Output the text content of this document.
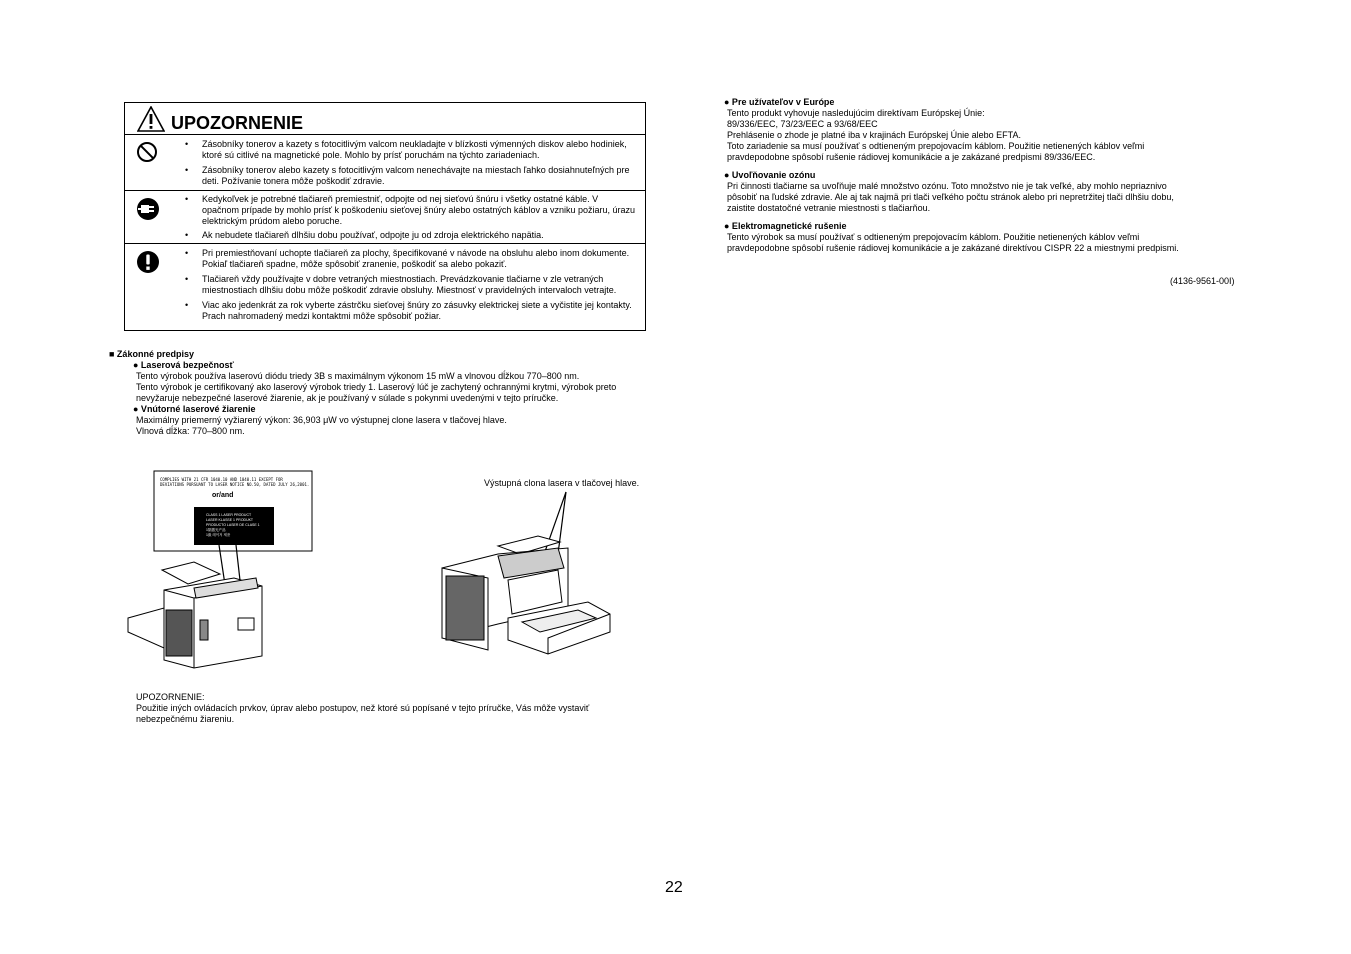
UPOZORNENIE
• Zásobníky tonerov a kazety s fotocitlivým valcom neukladajte v blízkosti výmenných diskov alebo hodiniek, ktoré sú citlivé na magnetické pole. Mohlo by prísť poruchám na týchto zariadeniach.
• Zásobníky tonerov alebo kazety s fotocitlivým valcom nenechávajte na miestach ľahko dosiahnuteľných pre deti. Požívanie tonera môže poškodiť zdravie.
• Kedykoľvek je potrebné tlačiareň premiestniť, odpojte od nej sieťovú šnúru i všetky ostatné káble. V opačnom prípade by mohlo prísť k poškodeniu sieťovej šnúry alebo ostatných káblov a vzniku požiaru, úrazu elektrickým prúdom alebo poruche.
• Ak nebudete tlačiareň dlhšiu dobu používať, odpojte ju od zdroja elektrického napätia.
• Pri premiestňovaní uchopte tlačiareň za plochy, špecifikované v návode na obsluhu alebo inom dokumente. Pokiaľ tlačiareň spadne, môže spôsobiť zranenie, poškodiť sa alebo pokaziť.
• Tlačiareň vždy používajte v dobre vetraných miestnostiach. Prevádzkovanie tlačiarne v zle vetraných miestnostiach dlhšiu dobu môže poškodiť zdravie obsluhy. Miestnosť v pravidelných intervaloch vetrajte.
• Viac ako jedenkrát za rok vyberte zástrčku sieťovej šnúry zo zásuvky elektrickej siete a vyčistite jej kontakty. Prach nahromadený medzi kontaktmi môže spôsobiť požiar.
■ Zákonné predpisy
● Laserová bezpečnosť

Tento výrobok používa laserovú diódu triedy 3B s maximálnym výkonom 15 mW a vlnovou dĺžkou 770–800 nm.

Tento výrobok je certifikovaný ako laserový výrobok triedy 1. Laserový lúč je zachytený ochrannými krytmi, výrobok preto

nevyžaruje nebezpečné laserové žiarenie, ak je používaný v súlade s pokynmi uvedenými v tejto príručke.

● Vnútorné laserové žiarenie

Maximálny priemerný vyžiarený výkon: 36,903 μW vo výstupnej clone lasera v tlačovej hlave.

Vlnová dĺžka: 770–800 nm.

COMPLIES WITH 21 CFR 1040.10 AND 1040.11 EXCEPT FOR

DEVIATIONS PURSUANT TO LASER NOTICE NO.50, DATED JULY 26,2001.

or/and

CLASS 1 LASER PRODUCT

LASER KLASSE 1 PRODUKT

PRODUCTO LASER DE CLASE 1

1類激光产品

1級 레이저 제품

Výstupná clona lasera v tlačovej hlave.
UPOZORNENIE:

Použitie iných ovládacích prvkov, úprav alebo postupov, než ktoré sú popísané v tejto príručke, Vás môže vystaviť

nebezpečnému žiareniu.

● Pre užívateľov v Európe

Tento produkt vyhovuje nasledujúcim direktívam Európskej Únie:

89/336/EEC, 73/23/EEC a 93/68/EEC

Prehlásenie o zhode je platné iba v krajinách Európskej Únie alebo EFTA.

Toto zariadenie sa musí používať s odtieneným prepojovacím káblom. Použitie netienených káblov veľmi

pravdepodobne spôsobí rušenie rádiovej komunikácie a je zakázané predpismi 89/336/EEC.

● Uvoľňovanie ozónu

Pri činnosti tlačiarne sa uvoľňuje malé množstvo ozónu. Toto množstvo nie je tak veľké, aby mohlo nepriaznivo

pôsobiť na ľudské zdravie. Ale aj tak najmä pri tlači veľkého počtu stránok alebo pri nepretržitej tlači dlhšiu dobu,

zaistite dostatočné vetranie miestnosti s tlačiarňou.

● Elektromagnetické rušenie

Tento výrobok sa musí používať s odtieneným prepojovacím káblom. Použitie netienených káblov veľmi

pravdepodobne spôsobí rušenie rádiovej komunikácie a je zakázané direktívou CISPR 22 a miestnymi predpismi.

(4136-9561-00I)
22
